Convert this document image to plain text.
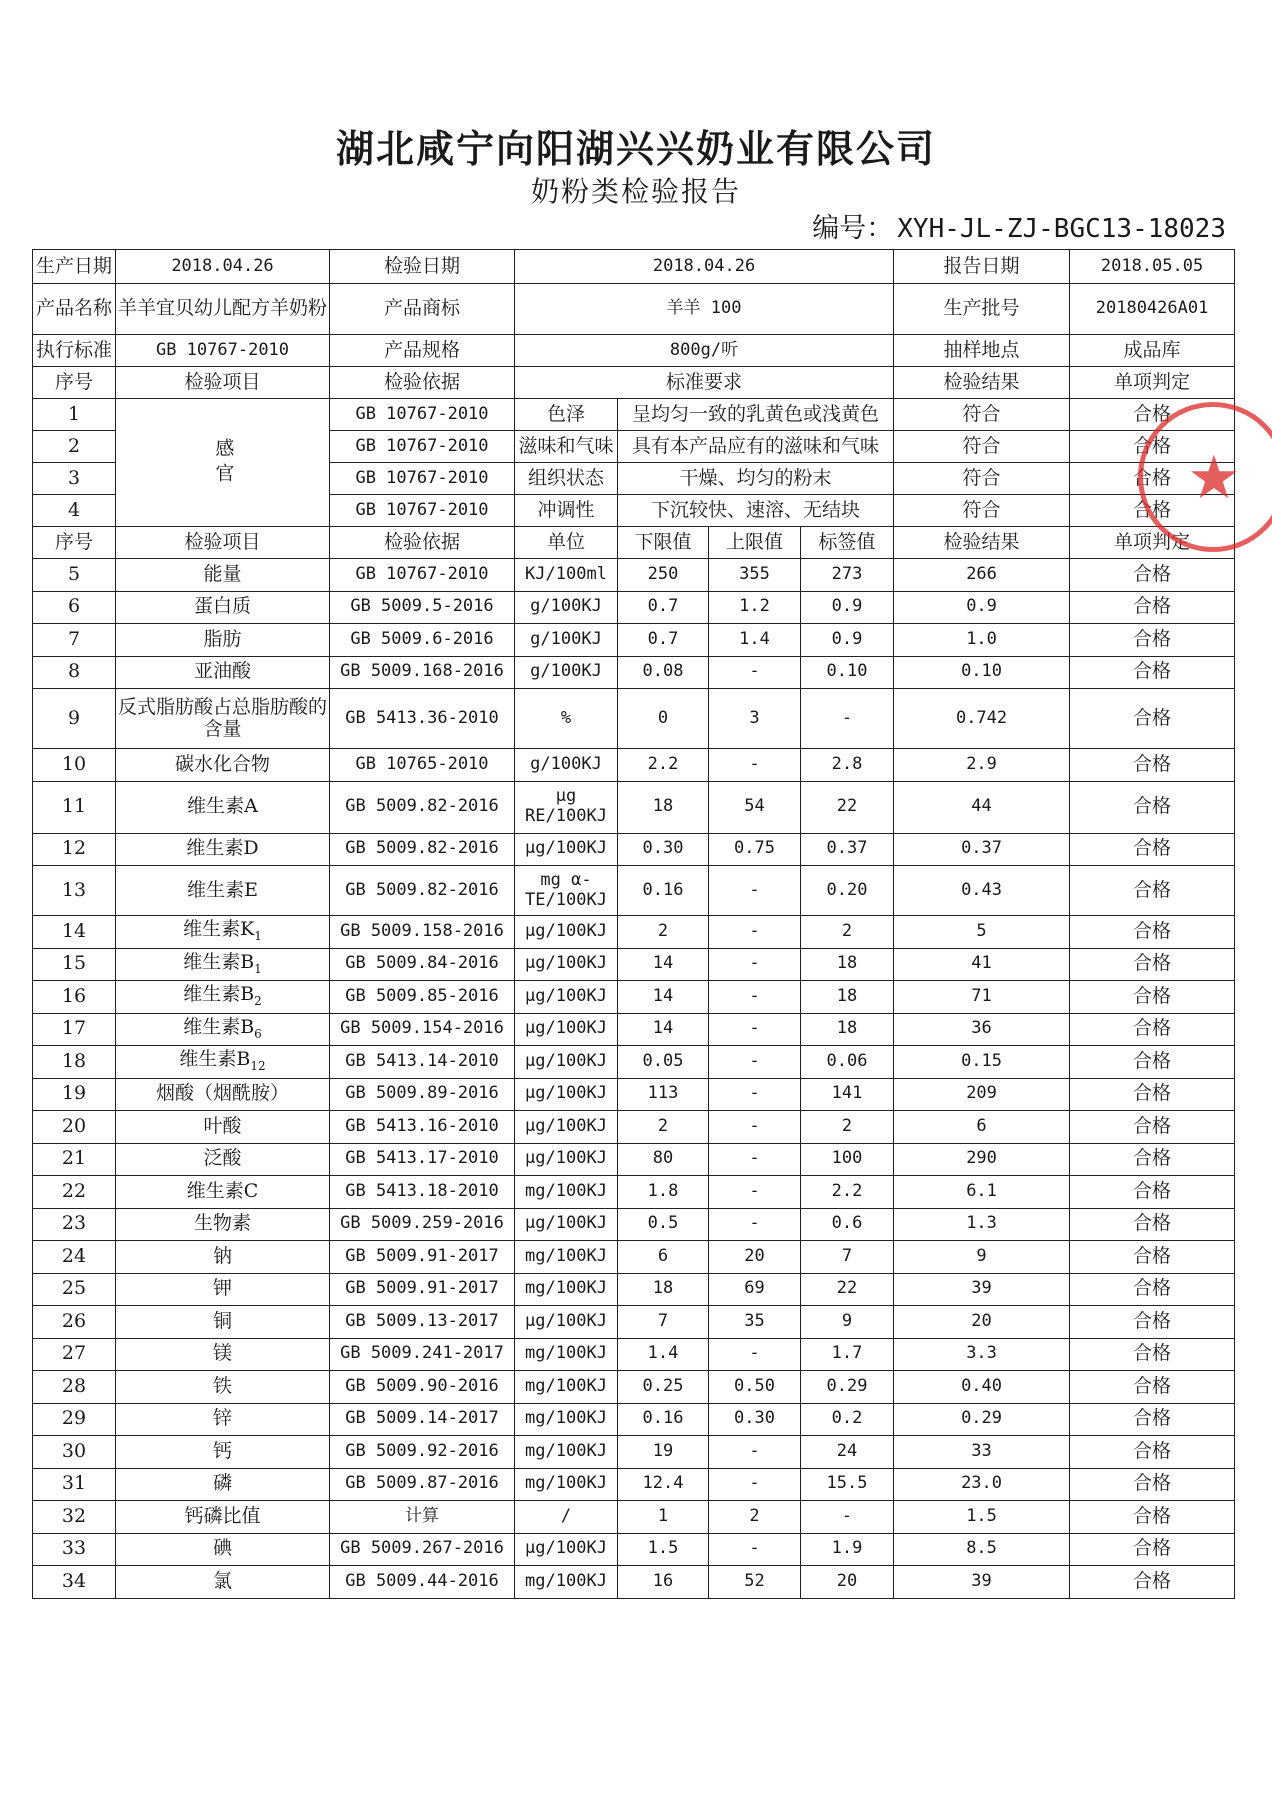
湖北咸宁向阳湖兴兴奶业有限公司
奶粉类检验报告
编号： XYH-JL-ZJ-BGC13-18023
生产日期	2018.04.26	检验日期	2018.04.26				报告日期	2018.05.05
产品名称	羊羊宜贝幼儿配方羊奶粉	产品商标	羊羊 100				生产批号	20180426A01
执行标准	GB 10767-2010	产品规格	800g/听				抽样地点	成品库
序号	检验项目	检验依据	标准要求				检验结果	单项判定
1	感官	GB 10767-2010	色泽	呈均匀一致的乳黄色或浅黄色			符合	合格
2		GB 10767-2010	滋味和气味	具有本产品应有的滋味和气味			符合	合格
3		GB 10767-2010	组织状态	干燥、均匀的粉末			符合	合格
4		GB 10767-2010	冲调性	下沉较快、速溶、无结块			符合	合格
序号	检验项目	检验依据	单位	下限值	上限值	标签值	检验结果	单项判定
5	能量	GB 10767-2010	KJ/100ml	250	355	273	266	合格
6	蛋白质	GB 5009.5-2016	g/100KJ	0.7	1.2	0.9	0.9	合格
7	脂肪	GB 5009.6-2016	g/100KJ	0.7	1.4	0.9	1.0	合格
8	亚油酸	GB 5009.168-2016	g/100KJ	0.08	-	0.10	0.10	合格
9	反式脂肪酸占总脂肪酸的含量	GB 5413.36-2010	%	0	3	-	0.742	合格
10	碳水化合物	GB 10765-2010	g/100KJ	2.2	-	2.8	2.9	合格
11	维生素A	GB 5009.82-2016	μg RE/100KJ	18	54	22	44	合格
12	维生素D	GB 5009.82-2016	μg/100KJ	0.30	0.75	0.37	0.37	合格
13	维生素E	GB 5009.82-2016	mg α-TE/100KJ	0.16	-	0.20	0.43	合格
14	维生素$K_1$	GB 5009.158-2016	μg/100KJ	2	-	2	5	合格
15	维生素$B_1$	GB 5009.84-2016	μg/100KJ	14	-	18	41	合格
16	维生素$B_2$	GB 5009.85-2016	μg/100KJ	14	-	18	71	合格
17	维生素$B_6$	GB 5009.154-2016	μg/100KJ	14	-	18	36	合格
18	维生素$B_{12}$	GB 5413.14-2010	μg/100KJ	0.05	-	0.06	0.15	合格
19	烟酸（烟酰胺）	GB 5009.89-2016	μg/100KJ	113	-	141	209	合格
20	叶酸	GB 5413.16-2010	μg/100KJ	2	-	2	6	合格
21	泛酸	GB 5413.17-2010	μg/100KJ	80	-	100	290	合格
22	维生素C	GB 5413.18-2010	mg/100KJ	1.8	-	2.2	6.1	合格
23	生物素	GB 5009.259-2016	μg/100KJ	0.5	-	0.6	1.3	合格
24	钠	GB 5009.91-2017	mg/100KJ	6	20	7	9	合格
25	钾	GB 5009.91-2017	mg/100KJ	18	69	22	39	合格
26	铜	GB 5009.13-2017	μg/100KJ	7	35	9	20	合格
27	镁	GB 5009.241-2017	mg/100KJ	1.4	-	1.7	3.3	合格
28	铁	GB 5009.90-2016	mg/100KJ	0.25	0.50	0.29	0.40	合格
29	锌	GB 5009.14-2017	mg/100KJ	0.16	0.30	0.2	0.29	合格
30	钙	GB 5009.92-2016	mg/100KJ	19	-	24	33	合格
31	磷	GB 5009.87-2016	mg/100KJ	12.4	-	15.5	23.0	合格
32	钙磷比值	计算	/	1	2	-	1.5	合格
33	碘	GB 5009.267-2016	μg/100KJ	1.5	-	1.9	8.5	合格
34	氯	GB 5009.44-2016	mg/100KJ	16	52	20	39	合格
★
